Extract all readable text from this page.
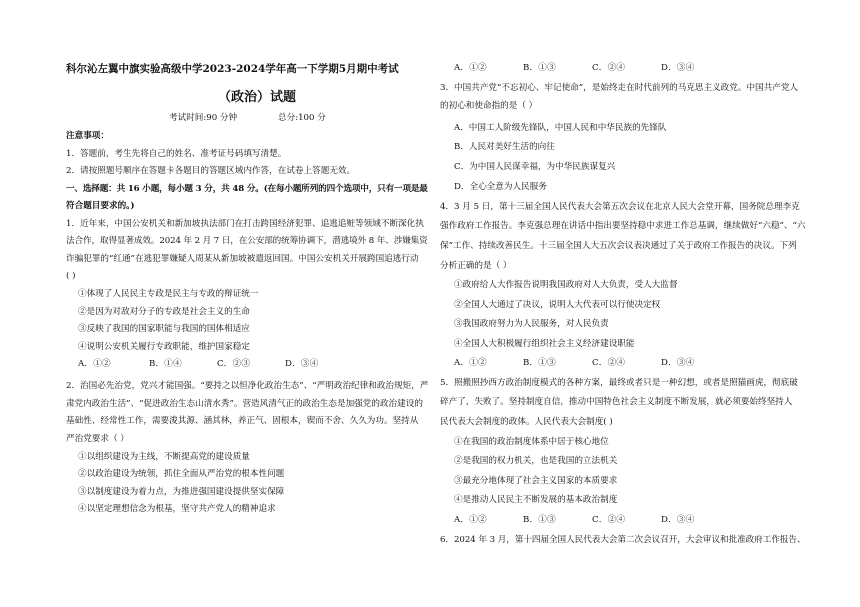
科尔沁左翼中旗实验高级中学2023-2024学年高一下学期5月期中考试
（政治）试题
考试时间:90 分钟	总分:100 分
注意事项：
1．答题前，考生先将自己的姓名、准考证号码填写清楚。
2．请按照题号顺序在答题卡各题目的答题区域内作答，在试卷上答题无效。
一、选择题：共 16 小题，每小题 3 分，共 48 分。(在每小题所列的四个选项中，只有一项是最
符合题目要求的。)
1．近年来，中国公安机关和新加坡执法部门在打击跨国经济犯罪、追逃追赃等领域不断深化执
法合作，取得显著成效。2024 年 2 月 7 日，在公安部的统筹协调下，潜逃境外 8 年、涉嫌集资
诈骗犯罪的“红通”在逃犯罪嫌疑人周某从新加坡被遣返回国。中国公安机关开展跨国追逃行动
( )
①体现了人民民主专政是民主与专政的辩证统一
②是因为对敌对分子的专政是社会主义的生命
③反映了我国的国家职能与我国的国体相适应
④说明公安机关履行专政职能，维护国家稳定
A．①②	B．①④	C．②③	D．③④
2．治国必先治党，党兴才能国强。“要持之以恒净化政治生态”、“严明政治纪律和政治规矩，严
肃党内政治生活”、“促进政治生态山清水秀”。营造风清气正的政治生态是加强党的政治建设的
基础性、经常性工作，需要浚其源、涵其林，养正气、固根本，锲而不舍、久久为功。坚持从
严治党要求（ ）
①以组织建设为主线，不断提高党的建设质量
②以政治建设为统领，抓住全面从严治党的根本性问题
③以制度建设为着力点，为推进强国建设提供坚实保障
④以坚定理想信念为根基，坚守共产党人的精神追求
A．①②	B．①③	C．②④	D．③④
3．中国共产党“不忘初心、牢记使命”，是始终走在时代前列的马克思主义政党。中国共产党人
的初心和使命指的是（ ）
A．中国工人阶级先锋队，中国人民和中华民族的先锋队
B．人民对美好生活的向往
C．为中国人民谋幸福，为中华民族谋复兴
D．全心全意为人民服务
4．3 月 5 日，第十三届全国人民代表大会第五次会议在北京人民大会堂开幕，国务院总理李克
强作政府工作报告。李克强总理在讲话中指出要坚持稳中求进工作总基调，继续做好“六稳”、“六
保”工作、持续改善民生。十三届全国人大五次会议表决通过了关于政府工作报告的决议。下列
分析正确的是（ ）
①政府给人大作报告说明我国政府对人大负责，受人大监督
②全国人大通过了决议，说明人大代表可以行使决定权
③我国政府努力为人民服务，对人民负责
④全国人大积极履行组织社会主义经济建设职能
A．①②	B．①③	C．②④	D．③④
5．照搬照抄西方政治制度模式的各种方案，最终或者只是一种幻想，或者是照猫画虎，彻底破
碎产了，失败了。坚持制度自信，推动中国特色社会主义制度不断发展，就必须要始终坚持人
民代表大会制度的政体。人民代表大会制度( )
①在我国的政治制度体系中居于核心地位
②是我国的权力机关，也是我国的立法机关
③最充分地体现了社会主义国家的本质要求
④是推动人民民主不断发展的基本政治制度
A．①②	B．①③	C．②④	D．③④
6．2024 年 3 月，第十四届全国人民代表大会第二次会议召开，大会审议和批准政府工作报告、
